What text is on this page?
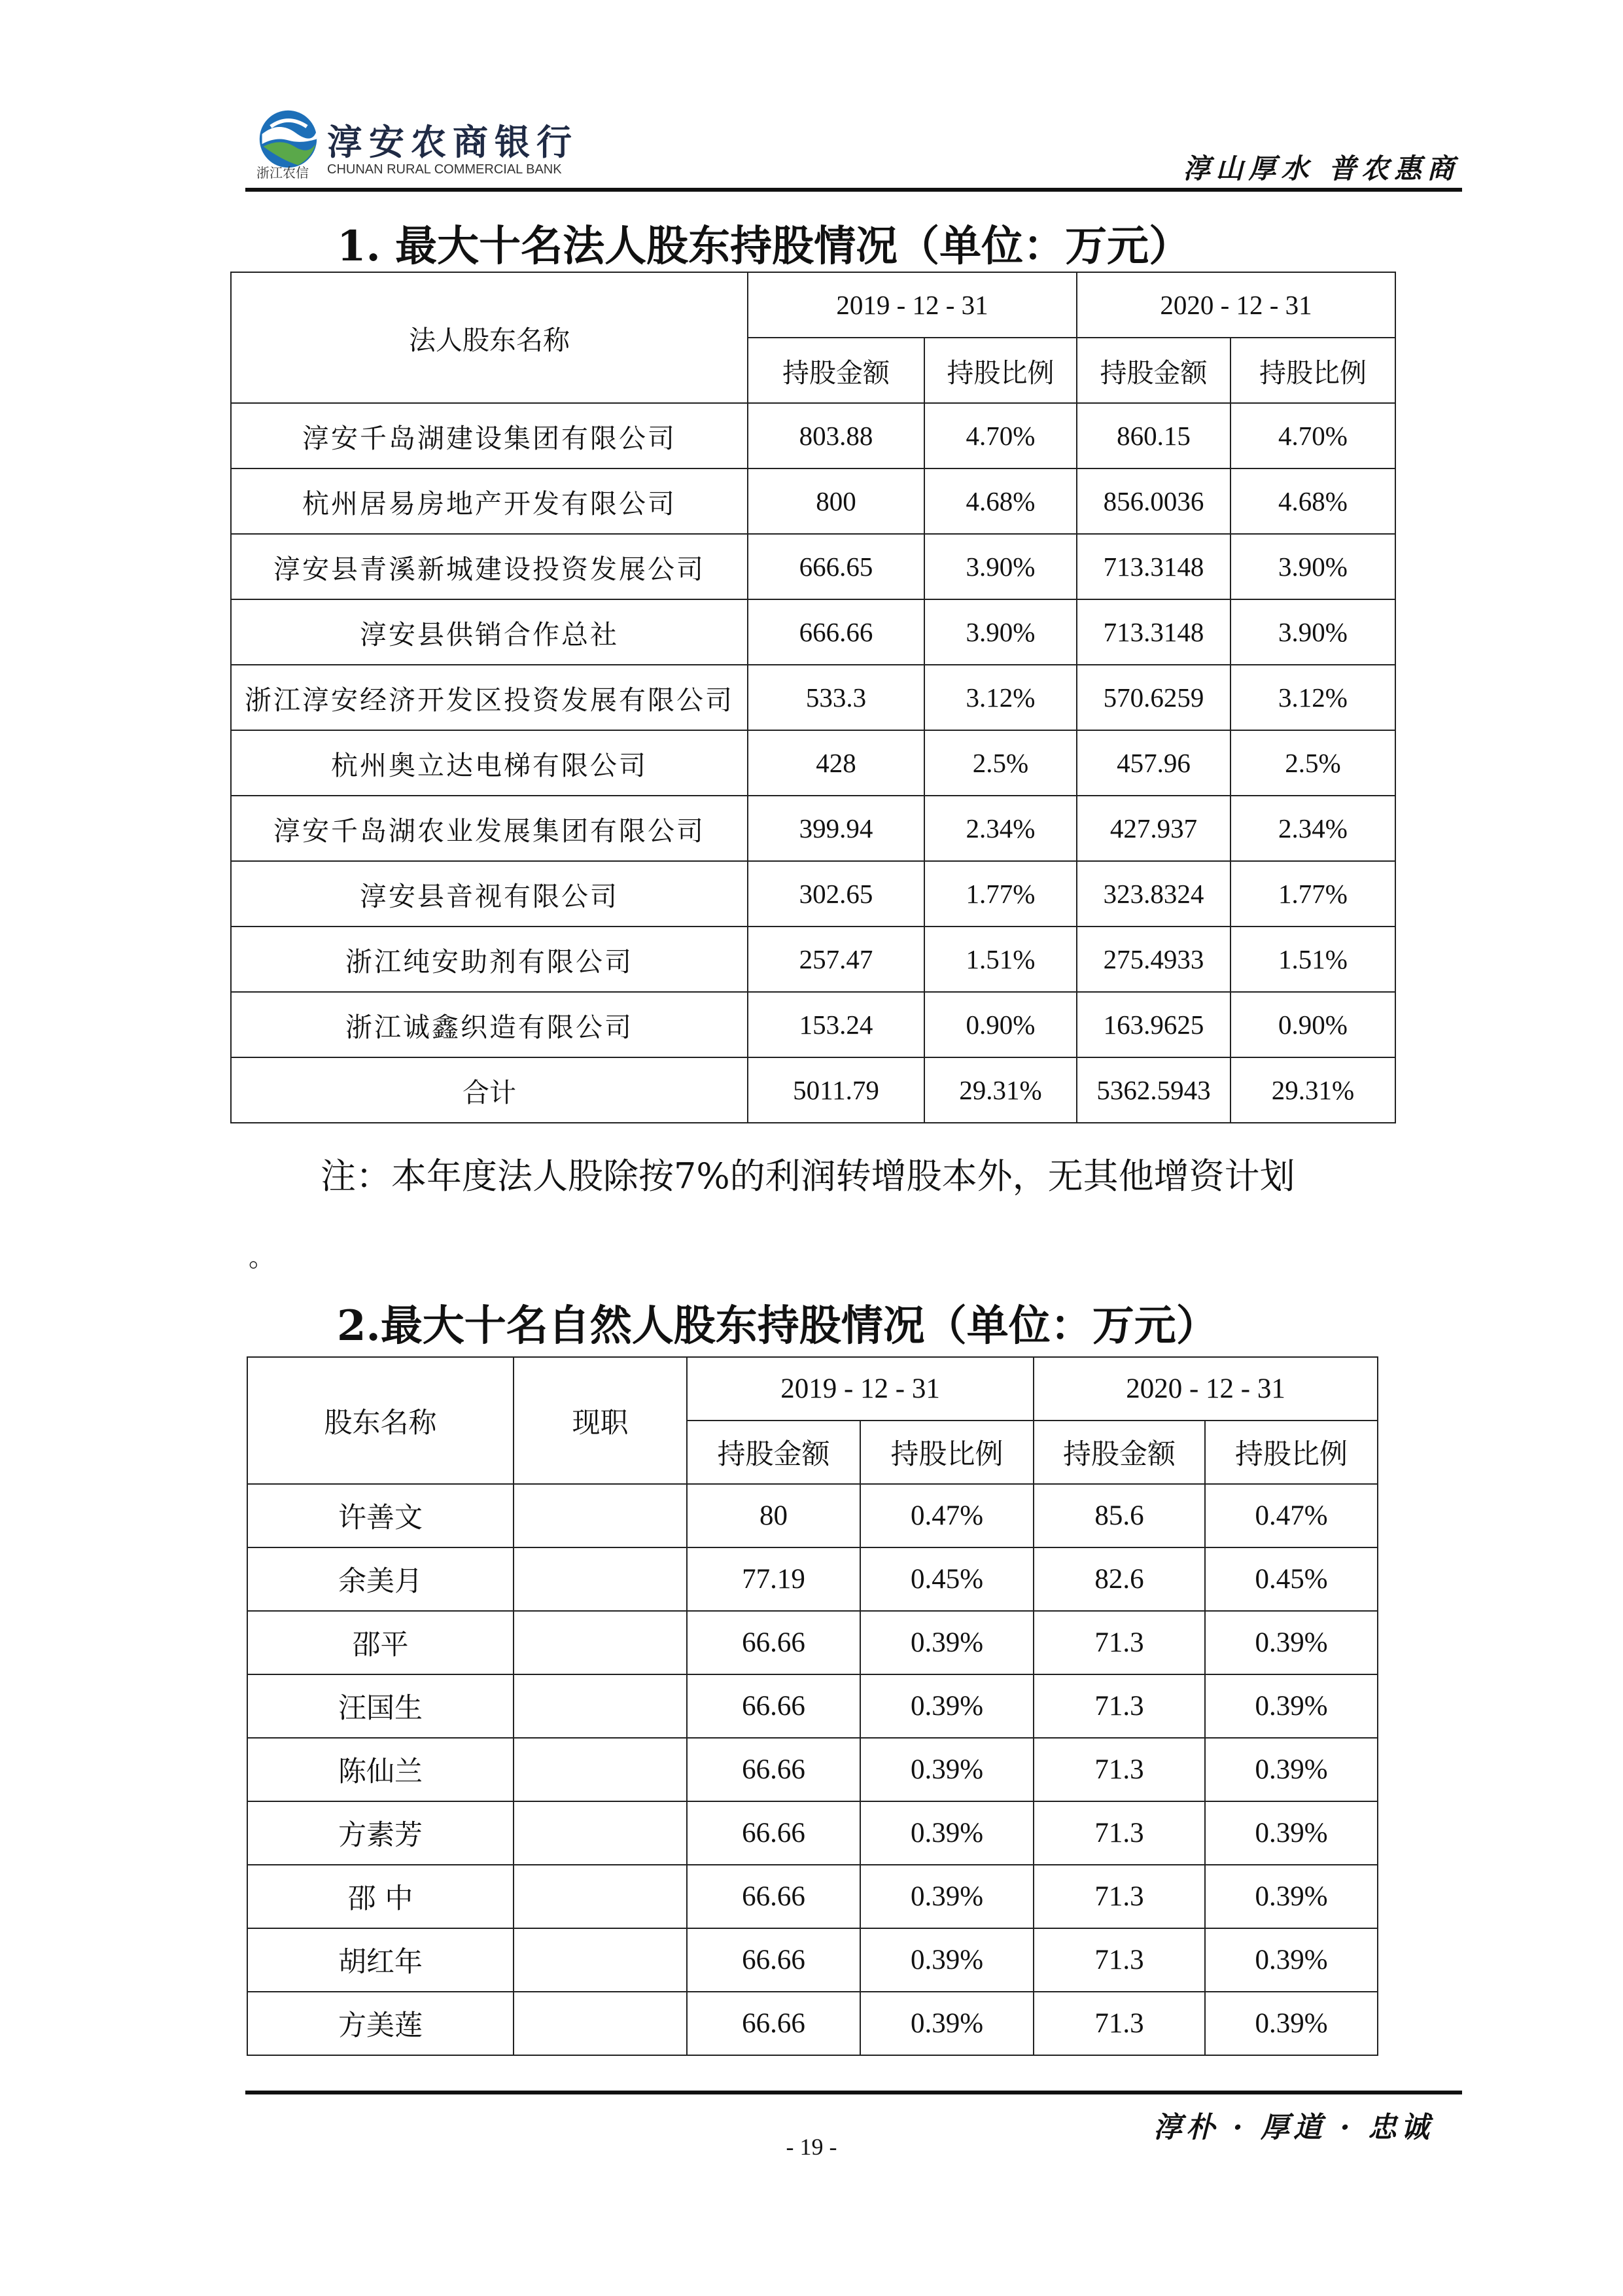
淳安农商银行
浙江农信 CHUNAN RURAL COMMERCIAL BANK	淳山厚水 普农惠商
1. 最大十名法人股东持股情况（单位：万元）
法人股东名称	2019 - 12 - 31		2020 - 12 - 31	
	持股金额	持股比例	持股金额	持股比例
淳安千岛湖建设集团有限公司	803.88	4.70%	860.15	4.70%
杭州居易房地产开发有限公司	800	4.68%	856.0036	4.68%
淳安县青溪新城建设投资发展公司	666.65	3.90%	713.3148	3.90%
淳安县供销合作总社	666.66	3.90%	713.3148	3.90%
浙江淳安经济开发区投资发展有限公司	533.3	3.12%	570.6259	3.12%
杭州奥立达电梯有限公司	428	2.5%	457.96	2.5%
淳安千岛湖农业发展集团有限公司	399.94	2.34%	427.937	2.34%
淳安县音视有限公司	302.65	1.77%	323.8324	1.77%
浙江纯安助剂有限公司	257.47	1.51%	275.4933	1.51%
浙江诚鑫织造有限公司	153.24	0.90%	163.9625	0.90%
合计	5011.79	29.31%	5362.5943	29.31%
注：本年度法人股除按7%的利润转增股本外，无其他增资计划
。
2.最大十名自然人股东持股情况（单位：万元）
股东名称	现职	2019 - 12 - 31		2020 - 12 - 31	
		持股金额	持股比例	持股金额	持股比例
许善文		80	0.47%	85.6	0.47%
余美月		77.19	0.45%	82.6	0.45%
邵平		66.66	0.39%	71.3	0.39%
汪国生		66.66	0.39%	71.3	0.39%
陈仙兰		66.66	0.39%	71.3	0.39%
方素芳		66.66	0.39%	71.3	0.39%
邵 中		66.66	0.39%	71.3	0.39%
胡红年		66.66	0.39%	71.3	0.39%
方美莲		66.66	0.39%	71.3	0.39%
淳朴 · 厚道 · 忠诚
- 19 -
